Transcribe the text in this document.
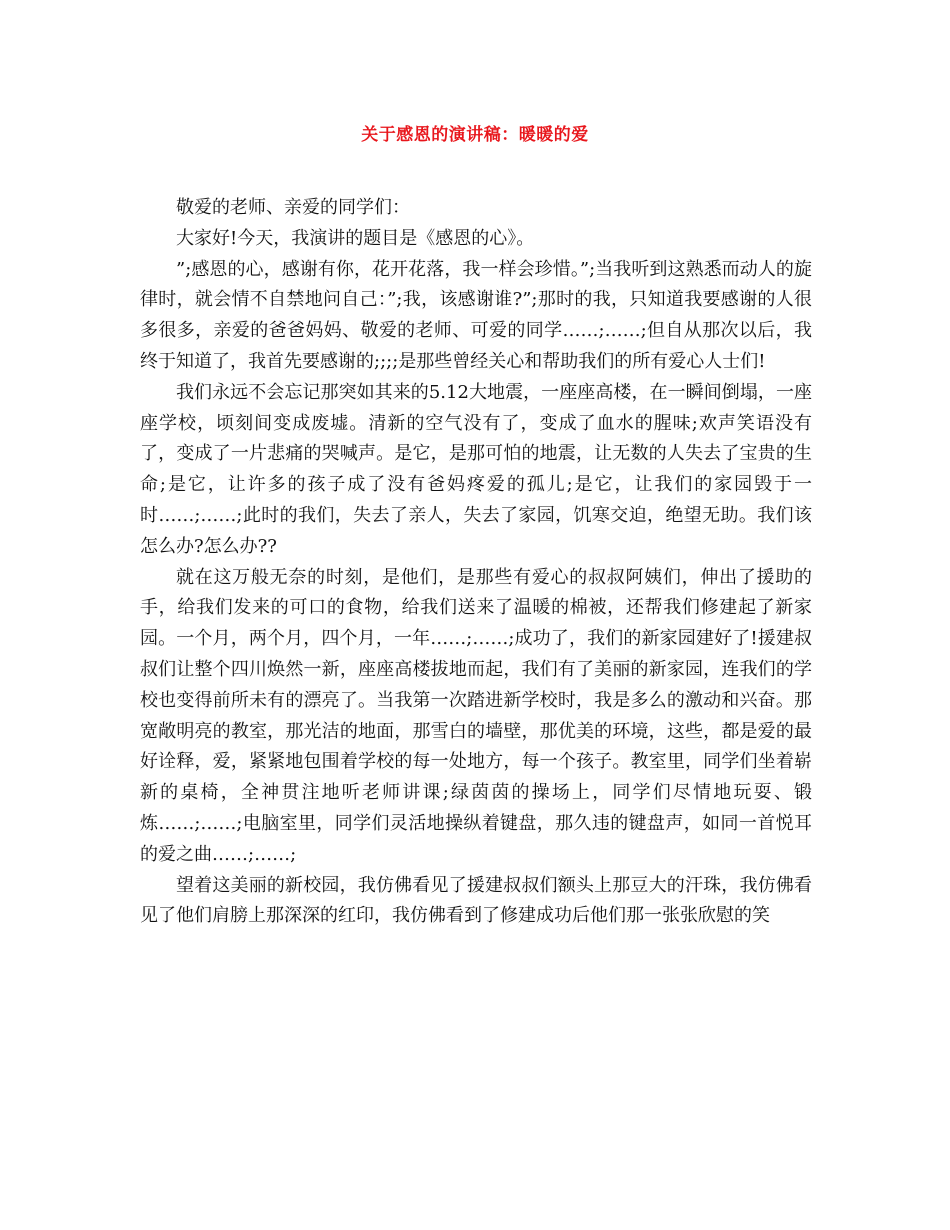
关于感恩的演讲稿：暖暖的爱

敬爱的老师、亲爱的同学们：

大家好!今天，我演讲的题目是《感恩的心》。

”;感恩的心，感谢有你，花开花落，我一样会珍惜。”;当我听到这熟悉而动人的旋律时，就会情不自禁地问自己：”;我，该感谢谁?”;那时的我，只知道我要感谢的人很多很多，亲爱的爸爸妈妈、敬爱的老师、可爱的同学……;……;但自从那次以后，我终于知道了，我首先要感谢的;;;;是那些曾经关心和帮助我们的所有爱心人士们!

我们永远不会忘记那突如其来的5.12大地震，一座座高楼，在一瞬间倒塌，一座座学校，顷刻间变成废墟。清新的空气没有了，变成了血水的腥味;欢声笑语没有了，变成了一片悲痛的哭喊声。是它，是那可怕的地震，让无数的人失去了宝贵的生命;是它，让许多的孩子成了没有爸妈疼爱的孤儿;是它，让我们的家园毁于一时……;……;此时的我们，失去了亲人，失去了家园，饥寒交迫，绝望无助。我们该怎么办?怎么办??

就在这万般无奈的时刻，是他们，是那些有爱心的叔叔阿姨们，伸出了援助的手，给我们发来的可口的食物，给我们送来了温暖的棉被，还帮我们修建起了新家园。一个月，两个月，四个月，一年……;……;成功了，我们的新家园建好了!援建叔叔们让整个四川焕然一新，座座高楼拔地而起，我们有了美丽的新家园，连我们的学校也变得前所未有的漂亮了。当我第一次踏进新学校时，我是多么的激动和兴奋。那宽敞明亮的教室，那光洁的地面，那雪白的墙壁，那优美的环境，这些，都是爱的最好诠释，爱，紧紧地包围着学校的每一处地方，每一个孩子。教室里，同学们坐着崭新的桌椅，全神贯注地听老师讲课;绿茵茵的操场上，同学们尽情地玩耍、锻炼……;……;电脑室里，同学们灵活地操纵着键盘，那久违的键盘声，如同一首悦耳的爱之曲……;……;

望着这美丽的新校园，我仿佛看见了援建叔叔们额头上那豆大的汗珠，我仿佛看见了他们肩膀上那深深的红印，我仿佛看到了修建成功后他们那一张张欣慰的笑
